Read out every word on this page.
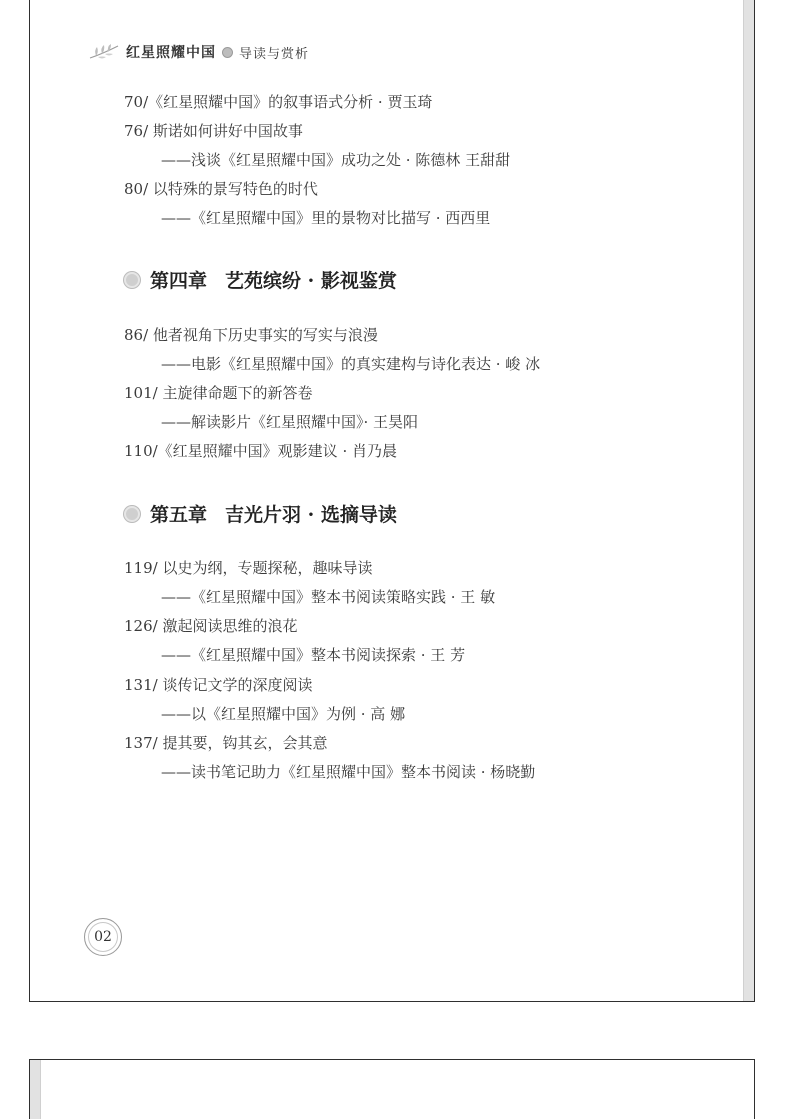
红星照耀中国 导读与赏析
70/《红星照耀中国》的叙事语式分析 · 贾玉琦
76/ 斯诺如何讲好中国故事
——浅谈《红星照耀中国》成功之处 · 陈德林 王甜甜
80/ 以特殊的景写特色的时代
——《红星照耀中国》里的景物对比描写 · 西西里
第四章 艺苑缤纷 · 影视鉴赏
86/ 他者视角下历史事实的写实与浪漫
——电影《红星照耀中国》的真实建构与诗化表达 · 峻 冰
101/ 主旋律命题下的新答卷
——解读影片《红星照耀中国》· 王昊阳
110/《红星照耀中国》观影建议 · 肖乃晨
第五章 吉光片羽 · 选摘导读
119/ 以史为纲，专题探秘，趣味导读
——《红星照耀中国》整本书阅读策略实践 · 王 敏
126/ 激起阅读思维的浪花
——《红星照耀中国》整本书阅读探索 · 王 芳
131/ 谈传记文学的深度阅读
——以《红星照耀中国》为例 · 高 娜
137/ 提其要，钩其玄，会其意
——读书笔记助力《红星照耀中国》整本书阅读 · 杨晓勤
02
